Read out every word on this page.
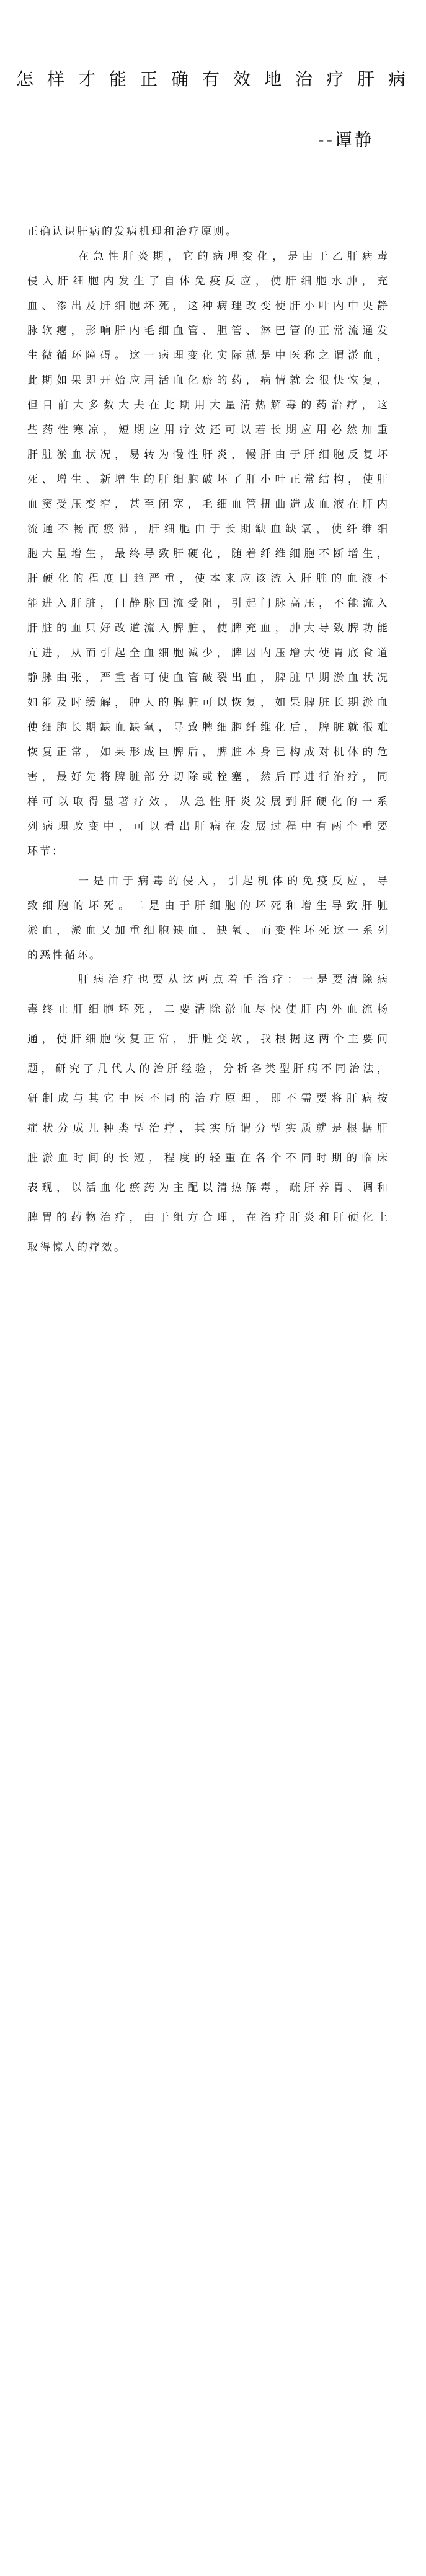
怎样才能正确有效地治疗肝病
--谭静
正确认识肝病的发病机理和治疗原则。
在急性肝炎期，它的病理变化，是由于乙肝病毒
侵入肝细胞内发生了自体免疫反应，使肝细胞水肿，充
血、渗出及肝细胞坏死，这种病理改变使肝小叶内中央静
脉软瘪，影响肝内毛细血管、胆管、淋巴管的正常流通发
生微循环障碍。这一病理变化实际就是中医称之谓淤血，
此期如果即开始应用活血化瘀的药，病情就会很快恢复，
但目前大多数大夫在此期用大量清热解毒的药治疗，这
些药性寒凉，短期应用疗效还可以若长期应用必然加重
肝脏淤血状况，易转为慢性肝炎，慢肝由于肝细胞反复坏
死、增生、新增生的肝细胞破坏了肝小叶正常结构，使肝
血窦受压变窄，甚至闭塞，毛细血管扭曲造成血液在肝内
流通不畅而瘀滞，肝细胞由于长期缺血缺氧，使纤维细
胞大量增生，最终导致肝硬化，随着纤维细胞不断增生，
肝硬化的程度日趋严重，使本来应该流入肝脏的血液不
能进入肝脏，门静脉回流受阻，引起门脉高压，不能流入
肝脏的血只好改道流入脾脏，使脾充血，肿大导致脾功能
亢进，从而引起全血细胞减少，脾因内压增大使胃底食道
静脉曲张，严重者可使血管破裂出血，脾脏早期淤血状况
如能及时缓解，肿大的脾脏可以恢复，如果脾脏长期淤血
使细胞长期缺血缺氧，导致脾细胞纤维化后，脾脏就很难
恢复正常，如果形成巨脾后，脾脏本身已构成对机体的危
害，最好先将脾脏部分切除或栓塞，然后再进行治疗，同
样可以取得显著疗效，从急性肝炎发展到肝硬化的一系
列病理改变中，可以看出肝病在发展过程中有两个重要
环节：
一是由于病毒的侵入，引起机体的免疫反应，导
致细胞的坏死。二是由于肝细胞的坏死和增生导致肝脏
淤血，淤血又加重细胞缺血、缺氧、而变性坏死这一系列
的恶性循环。
肝病治疗也要从这两点着手治疗：一是要清除病
毒终止肝细胞坏死，二要清除淤血尽快使肝内外血流畅
通，使肝细胞恢复正常，肝脏变软，我根据这两个主要问
题，研究了几代人的治肝经验，分析各类型肝病不同治法，
研制成与其它中医不同的治疗原理，即不需要将肝病按
症状分成几种类型治疗，其实所谓分型实质就是根据肝
脏淤血时间的长短，程度的轻重在各个不同时期的临床
表现，以活血化瘀药为主配以清热解毒，疏肝养胃、调和
脾胃的药物治疗，由于组方合理，在治疗肝炎和肝硬化上
取得惊人的疗效。
